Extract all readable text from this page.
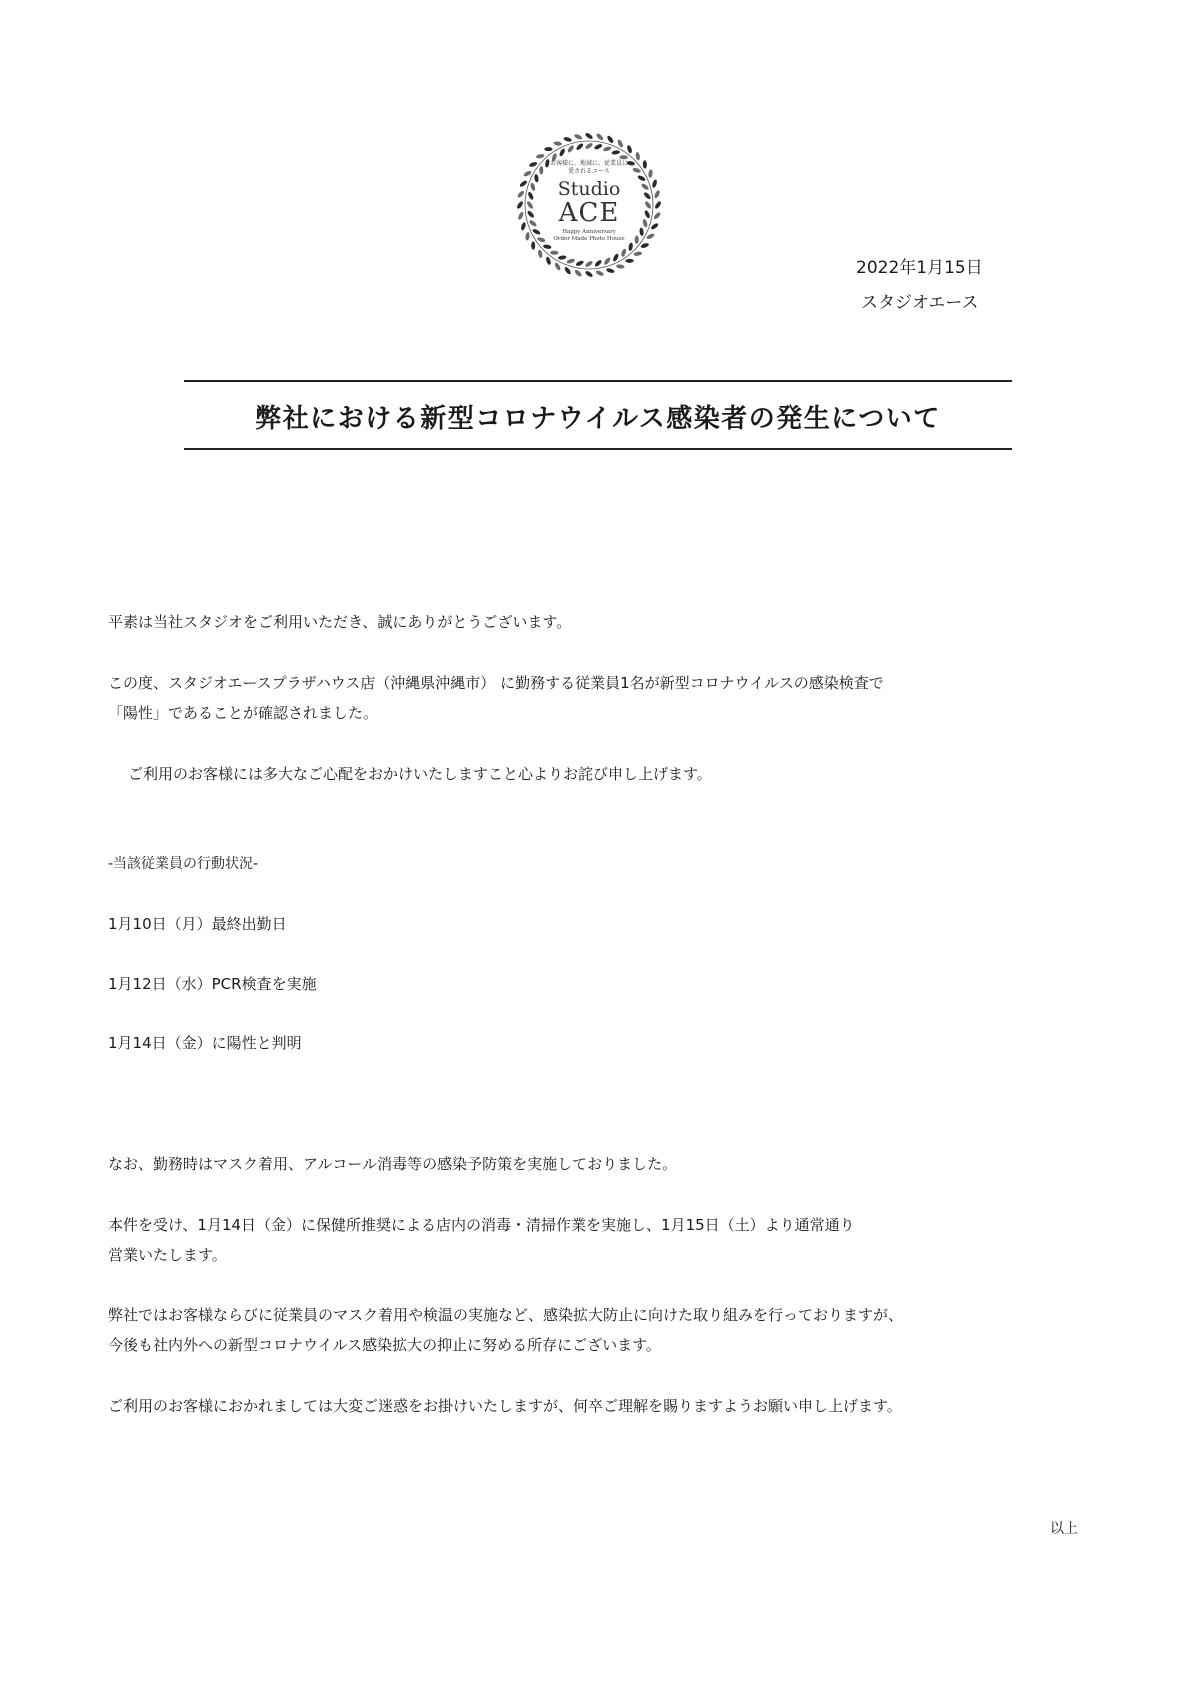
お客様に、地域に、従業員に
愛されるエース
Studio
ACE
Happy Anniversary
Order Made Photo House
2022年1月15日
スタジオエース
弊社における新型コロナウイルス感染者の発生について
平素は当社スタジオをご利用いただき、誠にありがとうございます。
この度、スタジオエースプラザハウス店（沖縄県沖縄市） に勤務する従業員1名が新型コロナウイルスの感染検査で
「陽性」であることが確認されました。
ご利用のお客様には多大なご心配をおかけいたしますこと心よりお詫び申し上げます。
-当該従業員の行動状況-
1月10日（月）最終出勤日
1月12日（水）PCR検査を実施
1月14日（金）に陽性と判明
なお、勤務時はマスク着用、アルコール消毒等の感染予防策を実施しておりました。
本件を受け、1月14日（金）に保健所推奨による店内の消毒・清掃作業を実施し、1月15日（土）より通常通り
営業いたします。
弊社ではお客様ならびに従業員のマスク着用や検温の実施など、感染拡大防止に向けた取り組みを行っておりますが、
今後も社内外への新型コロナウイルス感染拡大の抑止に努める所存にございます。
ご利用のお客様におかれましては大変ご迷惑をお掛けいたしますが、何卒ご理解を賜りますようお願い申し上げます。
以上
